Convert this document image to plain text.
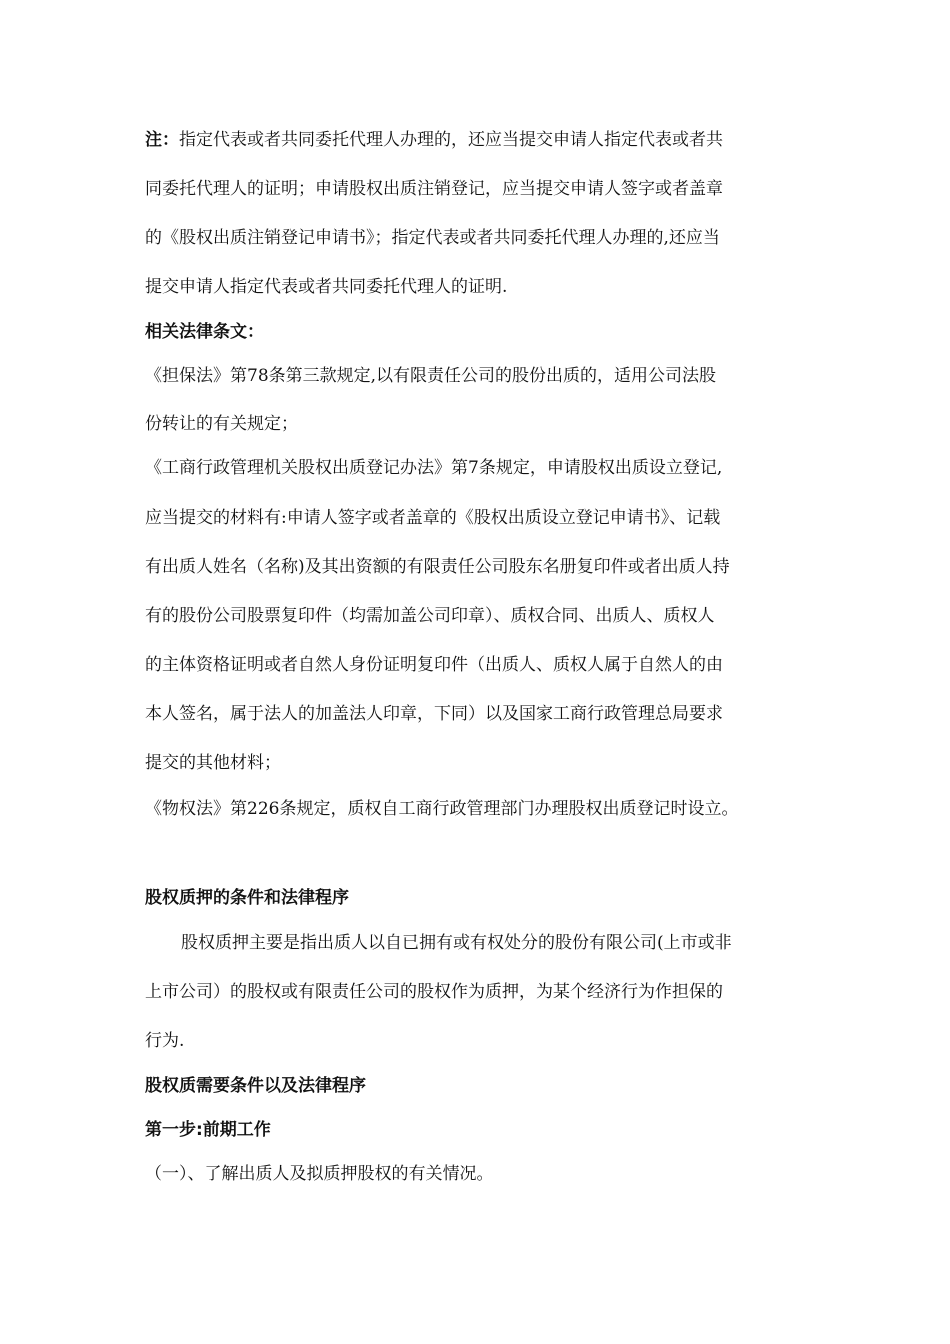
注：指定代表或者共同委托代理人办理的，还应当提交申请人指定代表或者共
同委托代理人的证明；申请股权出质注销登记，应当提交申请人签字或者盖章
的《股权出质注销登记申请书》；指定代表或者共同委托代理人办理的,还应当
提交申请人指定代表或者共同委托代理人的证明.
相关法律条文：
《担保法》第78条第三款规定,以有限责任公司的股份出质的，适用公司法股
份转让的有关规定；
《工商行政管理机关股权出质登记办法》第7条规定，申请股权出质设立登记,
应当提交的材料有:申请人签字或者盖章的《股权出质设立登记申请书》、记载
有出质人姓名（名称)及其出资额的有限责任公司股东名册复印件或者出质人持
有的股份公司股票复印件（均需加盖公司印章）、质权合同、出质人、质权人
的主体资格证明或者自然人身份证明复印件（出质人、质权人属于自然人的由
本人签名，属于法人的加盖法人印章，下同）以及国家工商行政管理总局要求
提交的其他材料；
《物权法》第226条规定，质权自工商行政管理部门办理股权出质登记时设立。
股权质押的条件和法律程序
股权质押主要是指出质人以自已拥有或有权处分的股份有限公司(上市或非
上市公司）的股权或有限责任公司的股权作为质押，为某个经济行为作担保的
行为.
股权质需要条件以及法律程序
第一步:前期工作
（一）、了解出质人及拟质押股权的有关情况。
